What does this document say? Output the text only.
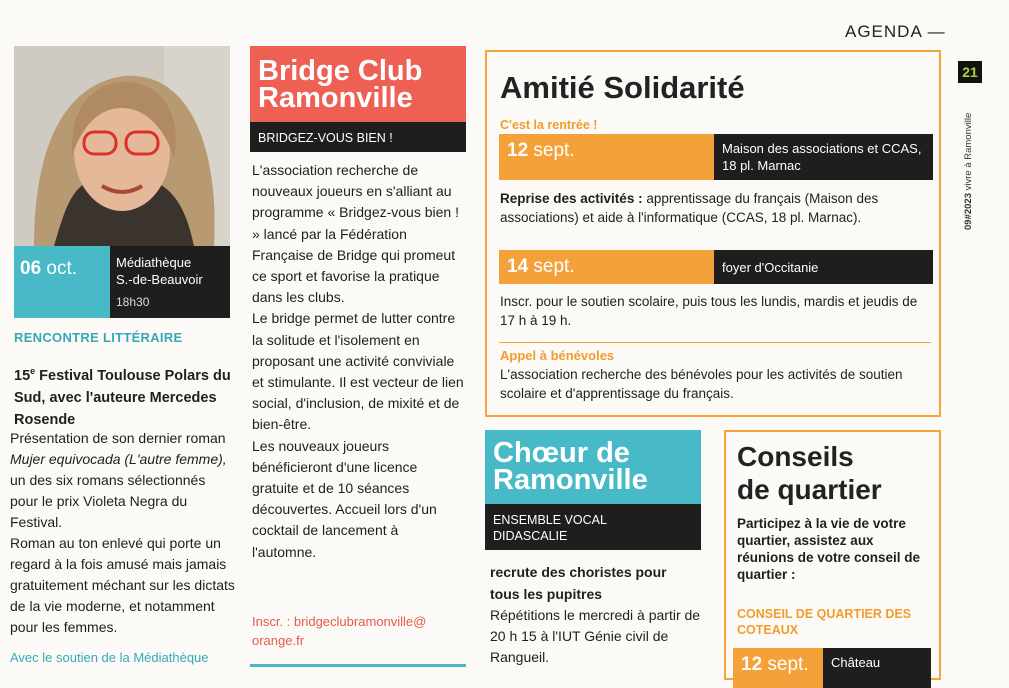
AGENDA —
21
09#2023 vivre à Ramonville
06 oct.	Médiathèque
S.-de-Beauvoir
18h30
RENCONTRE LITTÉRAIRE
15e Festival Toulouse Polars du Sud, avec l'auteure Mercedes Rosende
Présentation de son dernier roman Mujer equivocada (L'autre femme), un des six romans sélectionnés pour le prix Violeta Negra du Festival.
Roman au ton enlevé qui porte un regard à la fois amusé mais jamais gratuitement méchant sur les dictats de la vie moderne, et notamment pour les femmes.
Avec le soutien de la Médiathèque
Bridge Club
Ramonville
BRIDGEZ-VOUS BIEN !
L'association recherche de nouveaux joueurs en s'alliant au programme « Bridgez-vous bien ! » lancé par la Fédération Française de Bridge qui promeut ce sport et favorise la pratique dans les clubs.
Le bridge permet de lutter contre la solitude et l'isolement en proposant une activité conviviale et stimulante. Il est vecteur de lien social, d'inclusion, de mixité et de bien-être.
Les nouveaux joueurs bénéficieront d'une licence gratuite et de 10 séances découvertes. Accueil lors d'un cocktail de lancement à l'automne.
Inscr. : bridgeclubramonville@ orange.fr
Amitié Solidarité
C'est la rentrée !
12 sept.	Maison des associations et CCAS, 18 pl. Marnac
Reprise des activités : apprentissage du français (Maison des associations) et aide à l'informatique (CCAS, 18 pl. Marnac).
14 sept.	foyer d'Occitanie
Inscr. pour le soutien scolaire, puis tous les lundis, mardis et jeudis de 17 h à 19 h.
Appel à bénévoles
L'association recherche des bénévoles pour les activités de soutien scolaire et d'apprentissage du français.
Chœur de
Ramonville
ENSEMBLE VOCAL
DIDASCALIE
recrute des choristes pour tous les pupitres
Répétitions le mercredi à partir de 20 h 15 à l'IUT Génie civil de Rangueil.
Conseils
de quartier
Participez à la vie de votre quartier, assistez aux réunions de votre conseil de quartier :
CONSEIL DE QUARTIER DES COTEAUX
12 sept.	Château
